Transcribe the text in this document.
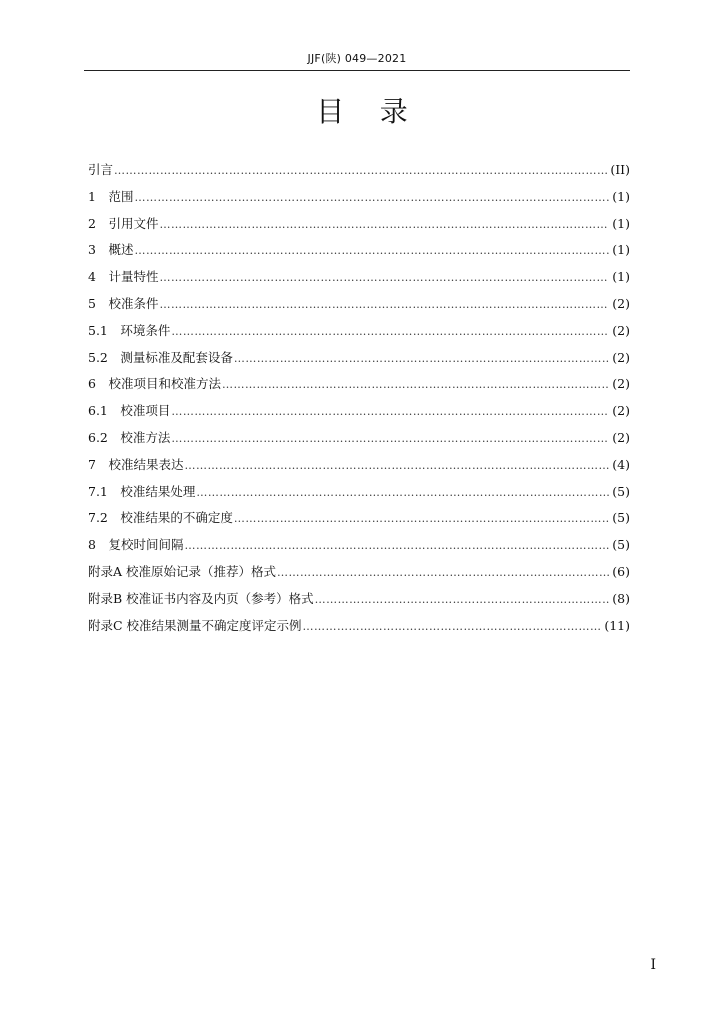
JJF(陕) 049—2021
目    录
引言 ……………………………………………………………………………………………………………………………………………………………………………………………………	(II)
1　范围 ……………………………………………………………………………………………………………………………………………………………………………………………………	(1)
2　引用文件 ……………………………………………………………………………………………………………………………………………………………………………………………………	(1)
3　概述 ……………………………………………………………………………………………………………………………………………………………………………………………………	(1)
4　计量特性 ……………………………………………………………………………………………………………………………………………………………………………………………………	(1)
5　校准条件 ……………………………………………………………………………………………………………………………………………………………………………………………………	(2)
5.1　环境条件 ……………………………………………………………………………………………………………………………………………………………………………………………………	(2)
5.2　测量标准及配套设备 ……………………………………………………………………………………………………………………………………………………………………………………………………	(2)
6　校准项目和校准方法 ……………………………………………………………………………………………………………………………………………………………………………………………………	(2)
6.1　校准项目 ……………………………………………………………………………………………………………………………………………………………………………………………………	(2)
6.2　校准方法 ……………………………………………………………………………………………………………………………………………………………………………………………………	(2)
7　校准结果表达 ……………………………………………………………………………………………………………………………………………………………………………………………………	(4)
7.1　校准结果处理 ……………………………………………………………………………………………………………………………………………………………………………………………………	(5)
7.2　校准结果的不确定度 ……………………………………………………………………………………………………………………………………………………………………………………………………	(5)
8　复校时间间隔 ……………………………………………………………………………………………………………………………………………………………………………………………………	(5)
附录A 校准原始记录（推荐）格式 ……………………………………………………………………………………………………………………………………………………………………………………………………	(6)
附录B 校准证书内容及内页（参考）格式 ……………………………………………………………………………………………………………………………………………………………………………………………………	(8)
附录C 校准结果测量不确定度评定示例 ……………………………………………………………………………………………………………………………………………………………………………………………………	(11)
I
